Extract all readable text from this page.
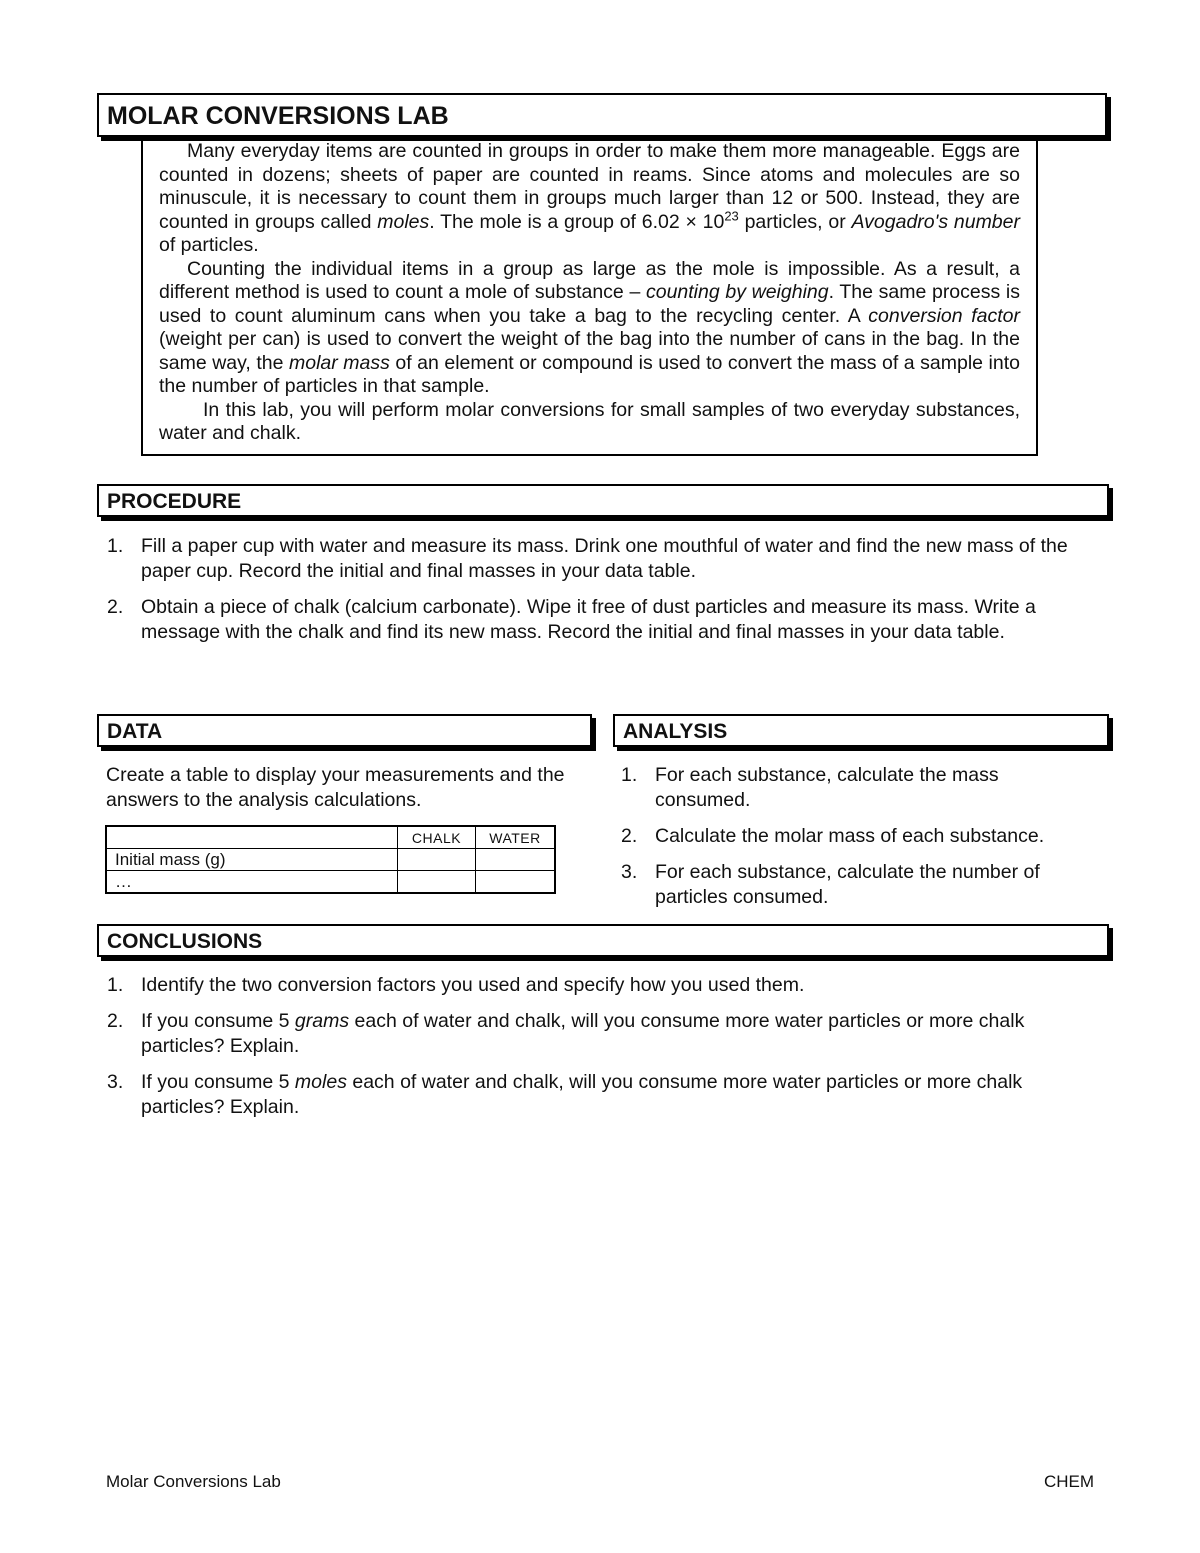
MOLAR CONVERSIONS LAB

Many everyday items are counted in groups in order to make them more manageable. Eggs are counted in dozens; sheets of paper are counted in reams. Since atoms and molecules are so minuscule, it is necessary to count them in groups much larger than 12 or 500. Instead, they are counted in groups called moles. The mole is a group of $6.02 \times 10^{23}$ particles, or Avogadro's number of particles.

Counting the individual items in a group as large as the mole is impossible. As a result, a different method is used to count a mole of substance – counting by weighing. The same process is used to count aluminum cans when you take a bag to the recycling center. A conversion factor (weight per can) is used to convert the weight of the bag into the number of cans in the bag. In the same way, the molar mass of an element or compound is used to convert the mass of a sample into the number of particles in that sample.

In this lab, you will perform molar conversions for small samples of two everyday substances, water and chalk.

PROCEDURE
1. Fill a paper cup with water and measure its mass. Drink one mouthful of water and find the new mass of the paper cup. Record the initial and final masses in your data table.
2. Obtain a piece of chalk (calcium carbonate). Wipe it free of dust particles and measure its mass. Write a message with the chalk and find its new mass. Record the initial and final masses in your data table.
DATA

Create a table to display your measurements and the answers to the analysis calculations.

	CHALK	WATER
Initial mass (g)		
…		
ANALYSIS
1. For each substance, calculate the mass consumed.
2. Calculate the molar mass of each substance.
3. For each substance, calculate the number of particles consumed.
CONCLUSIONS
1. Identify the two conversion factors you used and specify how you used them.
2. If you consume 5 grams each of water and chalk, will you consume more water particles or more chalk particles? Explain.
3. If you consume 5 moles each of water and chalk, will you consume more water particles or more chalk particles? Explain.
Molar Conversions Lab	CHEM
